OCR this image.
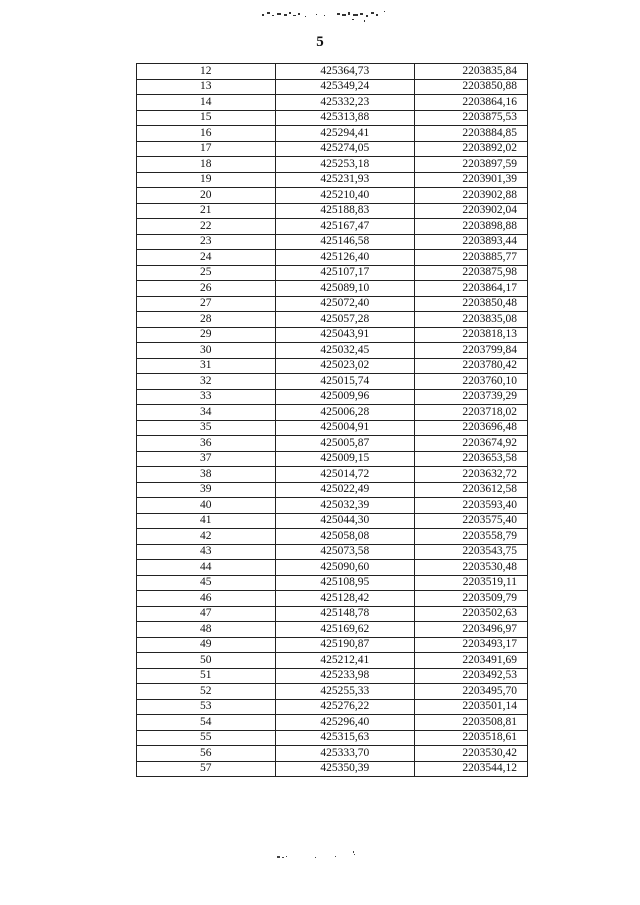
5
12	425364,73	2203835,84
13	425349,24	2203850,88
14	425332,23	2203864,16
15	425313,88	2203875,53
16	425294,41	2203884,85
17	425274,05	2203892,02
18	425253,18	2203897,59
19	425231,93	2203901,39
20	425210,40	2203902,88
21	425188,83	2203902,04
22	425167,47	2203898,88
23	425146,58	2203893,44
24	425126,40	2203885,77
25	425107,17	2203875,98
26	425089,10	2203864,17
27	425072,40	2203850,48
28	425057,28	2203835,08
29	425043,91	2203818,13
30	425032,45	2203799,84
31	425023,02	2203780,42
32	425015,74	2203760,10
33	425009,96	2203739,29
34	425006,28	2203718,02
35	425004,91	2203696,48
36	425005,87	2203674,92
37	425009,15	2203653,58
38	425014,72	2203632,72
39	425022,49	2203612,58
40	425032,39	2203593,40
41	425044,30	2203575,40
42	425058,08	2203558,79
43	425073,58	2203543,75
44	425090,60	2203530,48
45	425108,95	2203519,11
46	425128,42	2203509,79
47	425148,78	2203502,63
48	425169,62	2203496,97
49	425190,87	2203493,17
50	425212,41	2203491,69
51	425233,98	2203492,53
52	425255,33	2203495,70
53	425276,22	2203501,14
54	425296,40	2203508,81
55	425315,63	2203518,61
56	425333,70	2203530,42
57	425350,39	2203544,12
